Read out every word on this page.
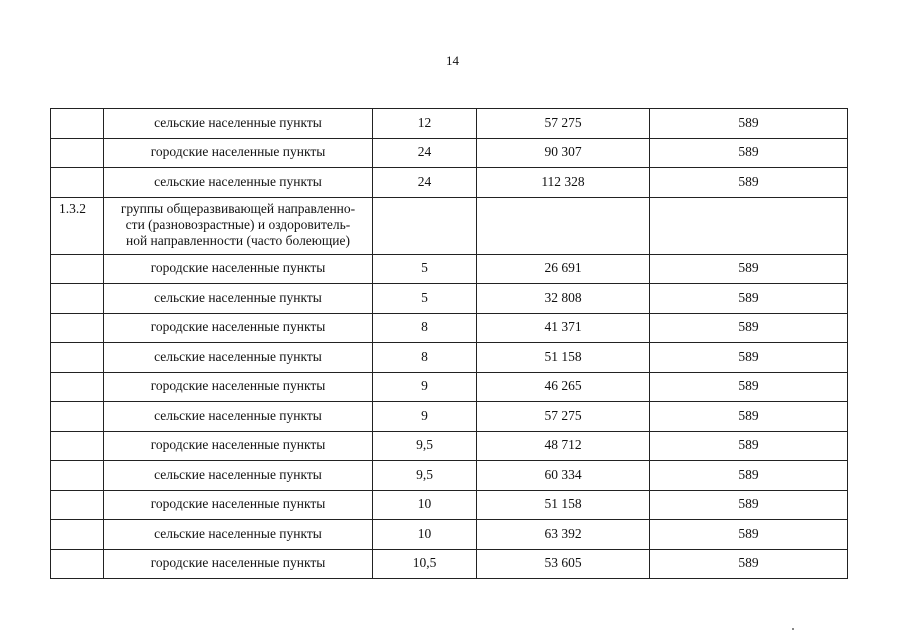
14
	сельские населенные пункты	12	57 275	589
	городские населенные пункты	24	90 307	589
	сельские населенные пункты	24	112 328	589
1.3.2	группы общеразвивающей направленно-
сти (разновозрастные) и оздоровитель-
ной направленности (часто болеющие)			

	городские населенные пункты	5	26 691	589
	сельские населенные пункты	5	32 808	589
	городские населенные пункты	8	41 371	589
	сельские населенные пункты	8	51 158	589
	городские населенные пункты	9	46 265	589
	сельские населенные пункты	9	57 275	589
	городские населенные пункты	9,5	48 712	589
	сельские населенные пункты	9,5	60 334	589
	городские населенные пункты	10	51 158	589
	сельские населенные пункты	10	63 392	589
	городские населенные пункты	10,5	53 605	589
